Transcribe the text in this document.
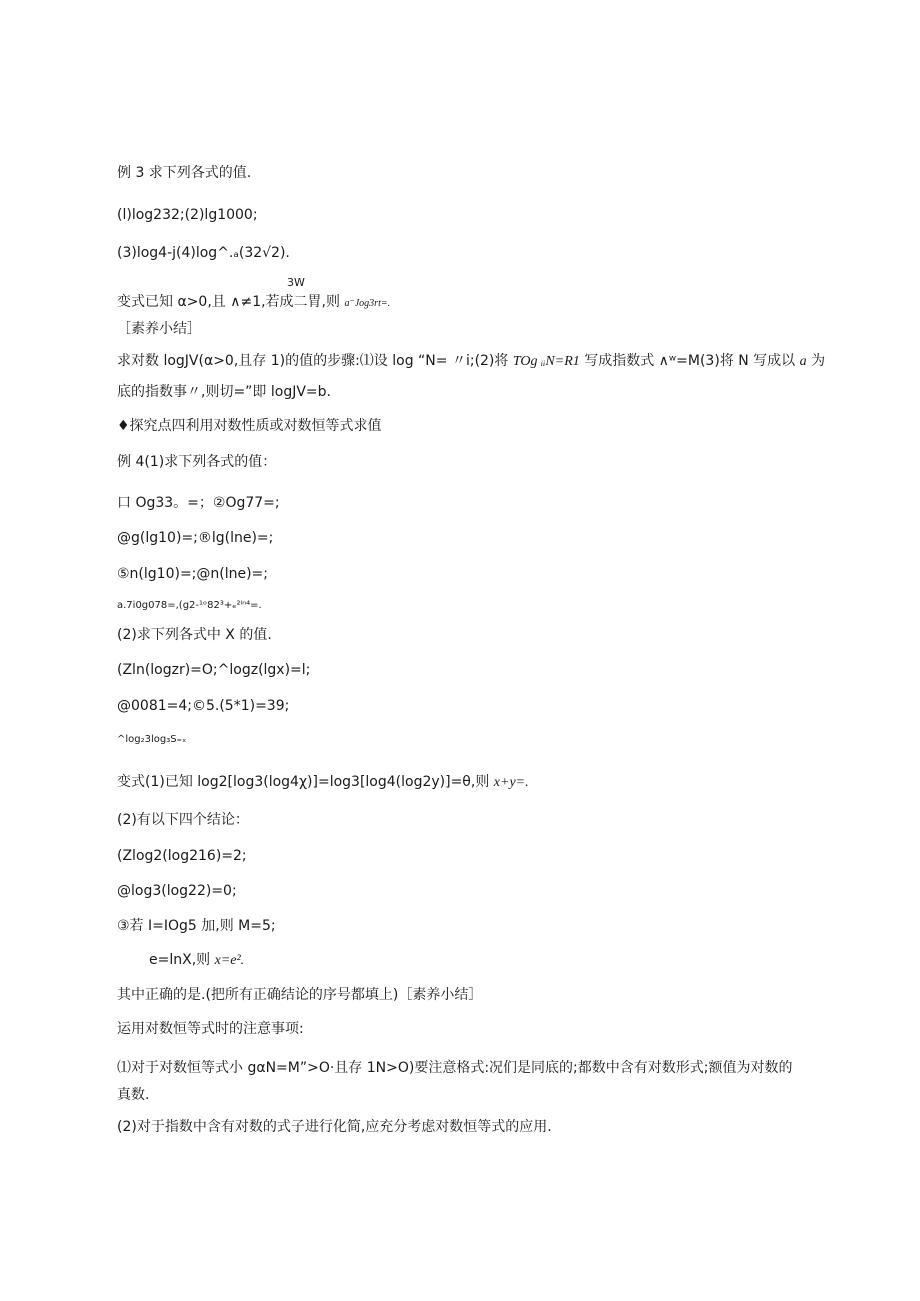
例 3 求下列各式的值.
(l)log232;(2)lg1000;
(3)log4-j(4)log^.ₐ(32√2).
3W
变式已知 α>0,且 ∧≠1,若成二胃,则 a⁻Jog3rt=.
［素养小结］
求对数 logJV(α>0,且存 1)的值的步骤:⑴设 log “N= 〃i;(2)将 TOg ᵢᵢN=R1 写成指数式 ∧ʷ=M(3)将 N 写成以 a 为
底的指数事〃,则切=”即 logJV=b.
♦探究点四利用对数性质或对数恒等式求值
例 4(1)求下列各式的值：
口 Og33。=；②Og77=;
@g(lg10)=;®lg(lne)=;
⑤n(lg10)=;@n(lne)=;
a.7i0g078=,(g2-¹ᵒ82³+ₑ²ˡⁿ⁴=.
(2)求下列各式中 X 的值.
(Zln(logzr)=O;^logz(lgx)=l;
@0081=4;©5.(5*1)=39;
^log₂3log₃S₌ₓ
变式(1)已知 log2[log3(log4χ)]=log3[log4(log2y)]=θ,则 x+y=.
(2)有以下四个结论：
(Zlog2(log216)=2;
@log3(log22)=0;
③若 I=IOg5 加,则 M=5;
e=lnX,则 x=e².
其中正确的是.(把所有正确结论的序号都填上)［素养小结］
运用对数恒等式时的注意事项:
⑴对于对数恒等式小 gαN=M”>O·且存 1N>O)要注意格式:况们是同底的;都数中含有对数形式;额值为对数的真数.
(2)对于指数中含有对数的式子进行化简,应充分考虑对数恒等式的应用.
